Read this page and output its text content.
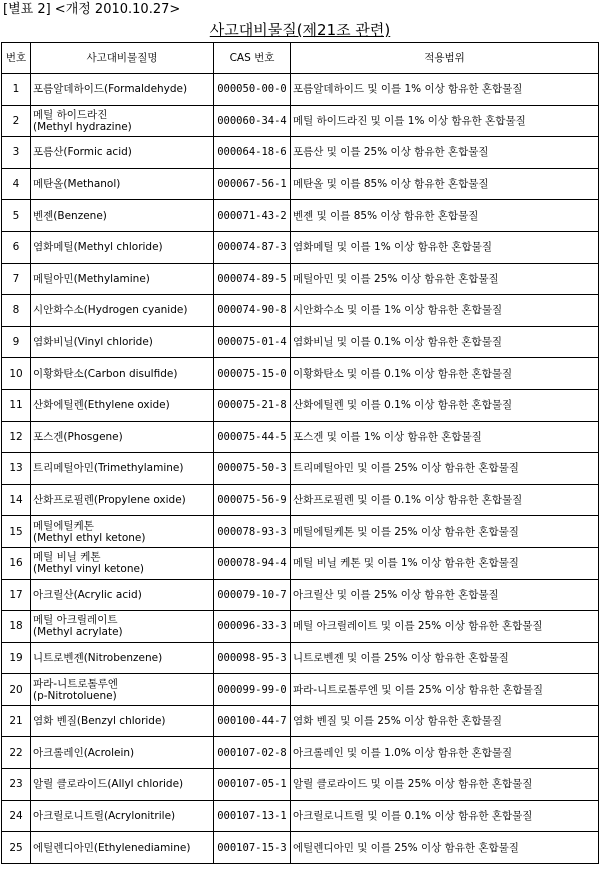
[별표 2] <개정 2010.10.27>
사고대비물질(제21조 관련)
번호	사고대비물질명	CAS 번호	적용범위
1	포름알데하이드(Formaldehyde)	000050-00-0	포름알데하이드 및 이를 1% 이상 함유한 혼합물질
2	메틸 하이드라진
(Methyl hydrazine)	000060-34-4	메틸 하이드라진 및 이를 1% 이상 함유한 혼합물질
3	포름산(Formic acid)	000064-18-6	포름산 및 이를 25% 이상 함유한 혼합물질
4	메탄올(Methanol)	000067-56-1	메탄올 및 이를 85% 이상 함유한 혼합물질
5	벤젠(Benzene)	000071-43-2	벤젠 및 이를 85% 이상 함유한 혼합물질
6	염화메틸(Methyl chloride)	000074-87-3	염화메틸 및 이를 1% 이상 함유한 혼합물질
7	메틸아민(Methylamine)	000074-89-5	메틸아민 및 이를 25% 이상 함유한 혼합물질
8	시안화수소(Hydrogen cyanide)	000074-90-8	시안화수소 및 이를 1% 이상 함유한 혼합물질
9	염화비닐(Vinyl chloride)	000075-01-4	염화비닐 및 이를 0.1% 이상 함유한 혼합물질
10	이황화탄소(Carbon disulfide)	000075-15-0	이황화탄소 및 이를 0.1% 이상 함유한 혼합물질
11	산화에틸렌(Ethylene oxide)	000075-21-8	산화에틸렌 및 이를 0.1% 이상 함유한 혼합물질
12	포스겐(Phosgene)	000075-44-5	포스겐 및 이를 1% 이상 함유한 혼합물질
13	트리메틸아민(Trimethylamine)	000075-50-3	트리메틸아민 및 이를 25% 이상 함유한 혼합물질
14	산화프로필렌(Propylene oxide)	000075-56-9	산화프로필렌 및 이를 0.1% 이상 함유한 혼합물질
15	메틸에틸케톤
(Methyl ethyl ketone)	000078-93-3	메틸에틸케톤 및 이를 25% 이상 함유한 혼합물질
16	메틸 비닐 케톤
(Methyl vinyl ketone)	000078-94-4	메틸 비닐 케톤 및 이를 1% 이상 함유한 혼합물질
17	아크릴산(Acrylic acid)	000079-10-7	아크릴산 및 이를 25% 이상 함유한 혼합물질
18	메틸 아크릴레이트
(Methyl acrylate)	000096-33-3	메틸 아크릴레이트 및 이를 25% 이상 함유한 혼합물질
19	니트로벤젠(Nitrobenzene)	000098-95-3	니트로벤젠 및 이를 25% 이상 함유한 혼합물질
20	파라-니트로톨루엔
(p-Nitrotoluene)	000099-99-0	파라-니트로톨루엔 및 이를 25% 이상 함유한 혼합물질
21	염화 벤질(Benzyl chloride)	000100-44-7	염화 벤질 및 이를 25% 이상 함유한 혼합물질
22	아크롤레인(Acrolein)	000107-02-8	아크롤레인 및 이를 1.0% 이상 함유한 혼합물질
23	알릴 클로라이드(Allyl chloride)	000107-05-1	알릴 클로라이드 및 이를 25% 이상 함유한 혼합물질
24	아크릴로니트릴(Acrylonitrile)	000107-13-1	아크릴로니트릴 및 이를 0.1% 이상 함유한 혼합물질
25	에틸렌디아민(Ethylenediamine)	000107-15-3	에틸렌디아민 및 이를 25% 이상 함유한 혼합물질
